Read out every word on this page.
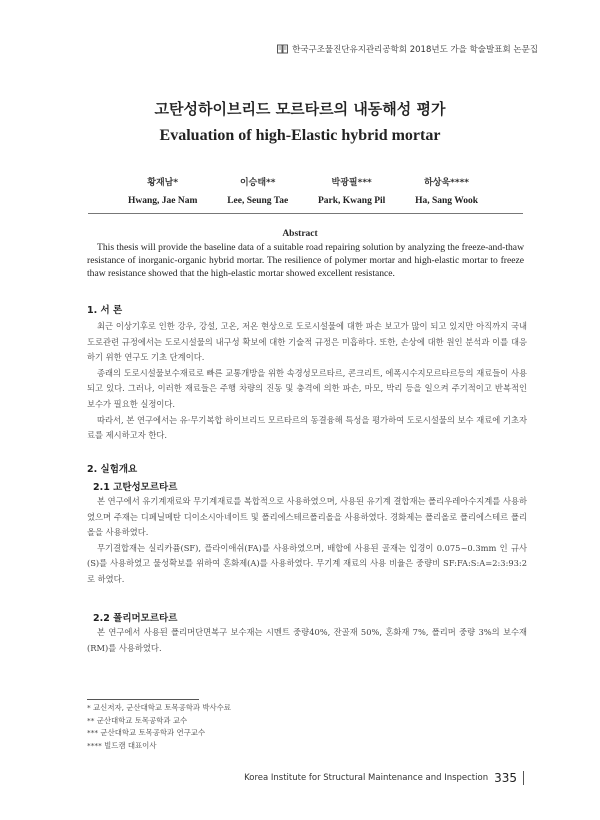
한국구조물진단유지관리공학회 2018년도 가을 학술발표회 논문집
고탄성하이브리드 모르타르의 내동해성 평가
Evaluation of high-Elastic hybrid mortar
황재남*
Hwang, Jae Nam
이승태**
Lee, Seung Tae
박광필***
Park, Kwang Pil
하상욱****
Ha, Sang Wook
Abstract

This thesis will provide the baseline data of a suitable road repairing solution by analyzing the freeze-and-thaw resistance of inorganic-organic hybrid mortar. The resilience of polymer mortar and high-elastic mortar to freeze thaw resistance showed that the high-elastic mortar showed excellent resistance.

1. 서 론

최근 이상기후로 인한 강우, 강설, 고온, 저온 현상으로 도로시설물에 대한 파손 보고가 많이 되고 있지만 아직까지 국내 도로관련 규정에서는 도로시설물의 내구성 확보에 대한 기술적 규정은 미흡하다. 또한, 손상에 대한 원인 분석과 이를 대응하기 위한 연구도 기초 단계이다.

종래의 도로시설물보수재료로 빠른 교통개방을 위한 속경성모르타르, 콘크리트, 에폭시수지모르타르등의 재료들이 사용되고 있다. 그러나, 이러한 재료들은 주행 차량의 진동 및 충격에 의한 파손, 마모, 박리 등을 일으켜 주기적이고 반복적인 보수가 필요한 실정이다.

따라서, 본 연구에서는 유·무기복합 하이브리드 모르타르의 동결융해 특성을 평가하여 도로시설물의 보수 재료에 기초자료를 제시하고자 한다.

2. 실험개요
2.1 고탄성모르타르

본 연구에서 유기계재료와 무기계재료를 복합적으로 사용하였으며, 사용된 유기계 결합재는 폴리우레아수지계를 사용하였으며 주재는 디페닐메탄 디이소시아네이트 및 폴리에스테르폴리올을 사용하였다. 경화제는 폴리올로 폴리에스테르 폴리올을 사용하였다.

무기결합재는 실리카퓸(SF), 플라이애쉬(FA)를 사용하였으며, 배합에 사용된 골재는 입경이 0.075~0.3mm 인 규사(S)를 사용하였고 물성확보를 위하여 혼화제(A)를 사용하였다. 무기계 재료의 사용 비율은 중량비 SF:FA:S:A=2:3:93:2로 하였다.

2.2 폴리머모르타르

본 연구에서 사용된 폴리머단면복구 보수재는 시멘트 중량40%, 잔골재 50%, 혼화재 7%, 폴리머 중량 3%의 보수재(RM)를 사용하였다.

* 교신저자, 군산대학교 토목공학과 박사수료
** 군산대학교 토목공학과 교수
*** 군산대학교 토목공학과 연구교수
**** 빌드캠 대표이사
Korea Institute for Structural Maintenance and Inspection 335
